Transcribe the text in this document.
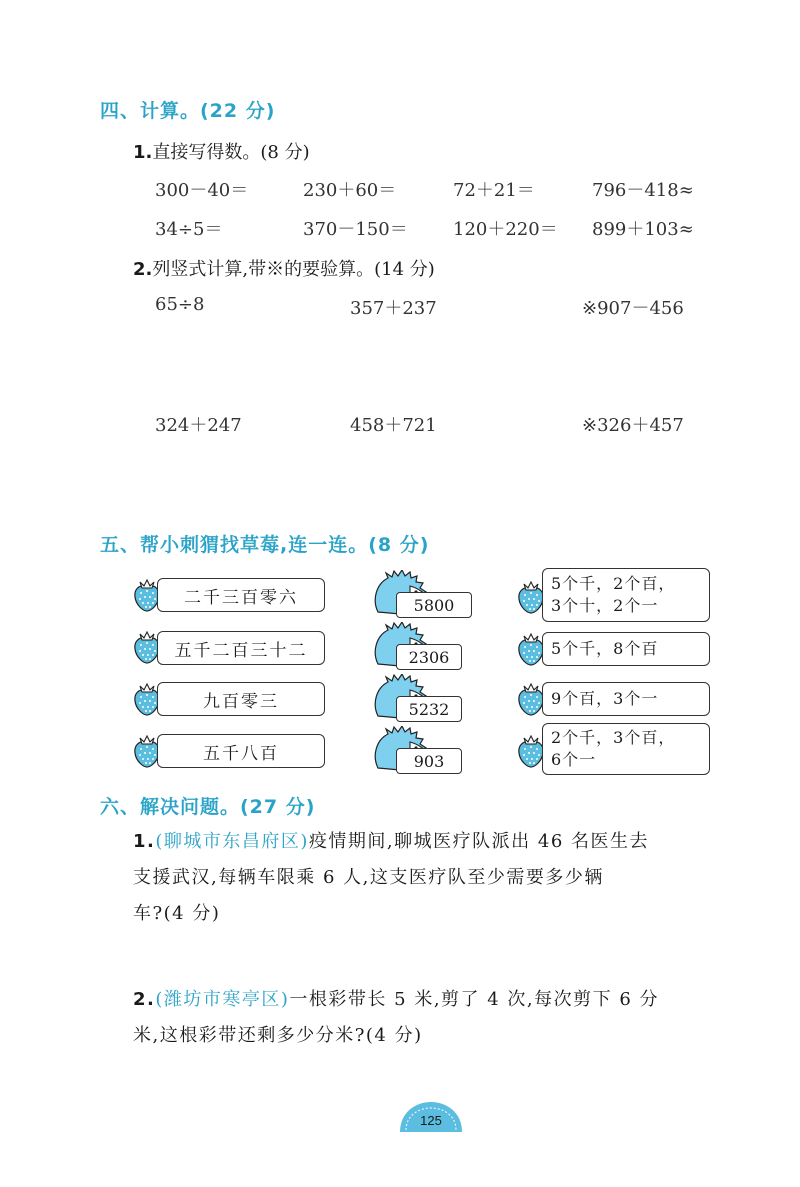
四、计算。(22 分)
1.直接写得数。(8 分)
300－40＝	230＋60＝	72＋21＝	796－418≈
34÷5＝	370－150＝	120＋220＝ 899＋103≈
2.列竖式计算,带※的要验算。(14 分)
65÷8	357＋237	※907－456
324＋247	458＋721	※326＋457
五、帮小刺猬找草莓,连一连。(8 分)
二千三百零六
五千二百三十二
九百零三
五千八百
5800
2306
5232
903
5个千，2个百，
3个十，2个一
5个千，8个百
9个百，3个一
2个千，3个百，
6个一
六、解决问题。(27 分)
1.(聊城市东昌府区)疫情期间,聊城医疗队派出 46 名医生去
支援武汉,每辆车限乘 6 人,这支医疗队至少需要多少辆
车?(4 分)
2.(潍坊市寒亭区)一根彩带长 5 米,剪了 4 次,每次剪下 6 分
米,这根彩带还剩多少分米?(4 分)
125
